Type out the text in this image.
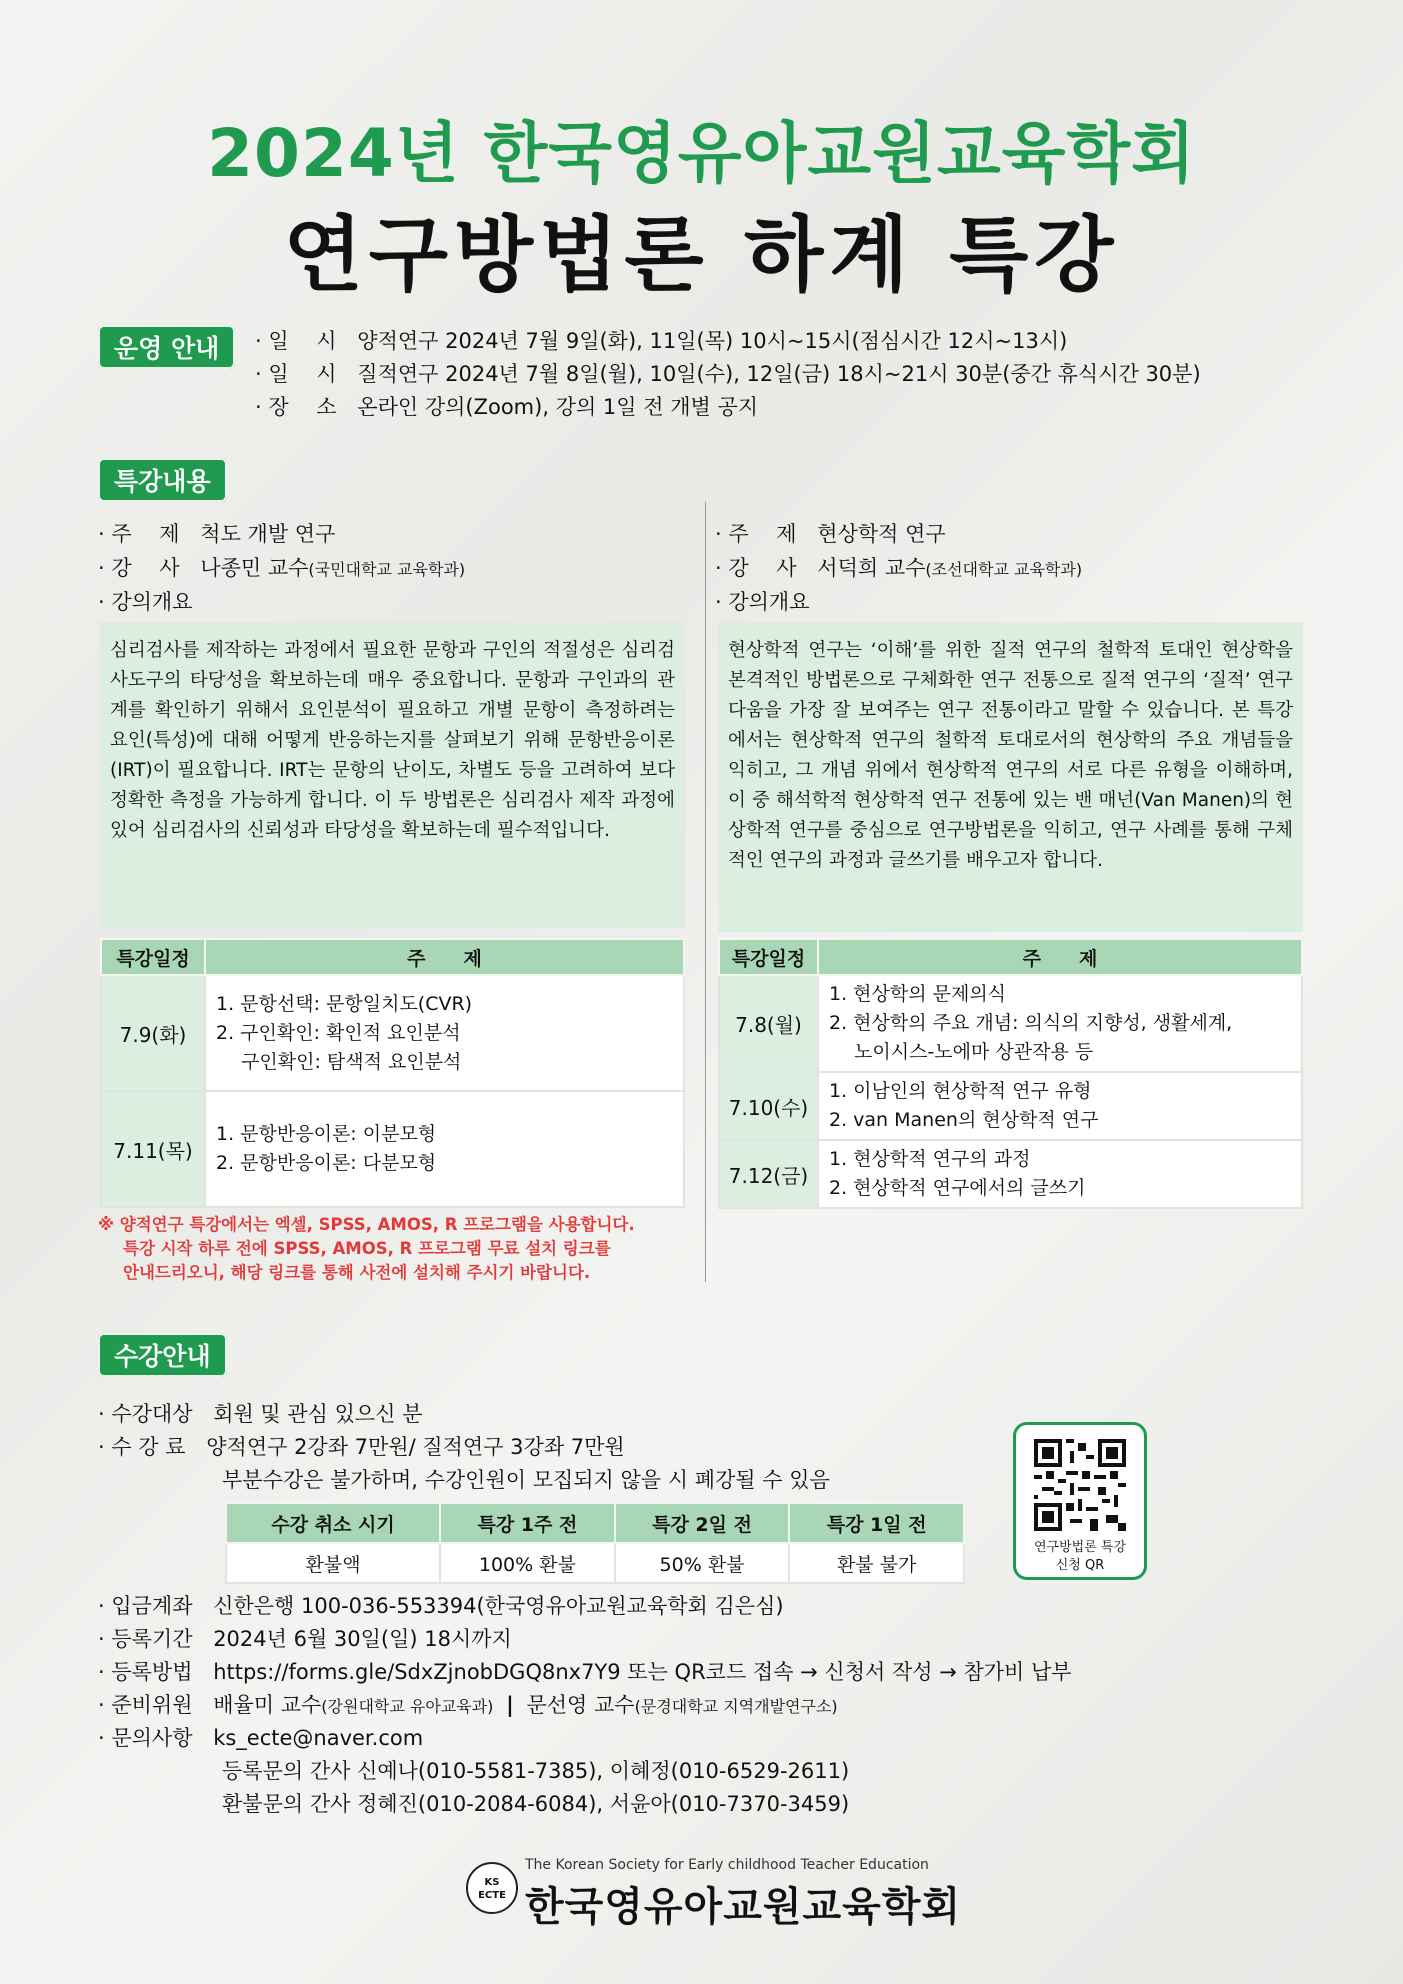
2024년 한국영유아교원교육학회
연구방법론 하계 특강
운영 안내	· 일　 시 양적연구 2024년 7월 9일(화), 11일(목) 10시~15시(점심시간 12시~13시)
· 일　 시 질적연구 2024년 7월 8일(월), 10일(수), 12일(금) 18시~21시 30분(중간 휴식시간 30분)
· 장　 소 온라인 강의(Zoom), 강의 1일 전 개별 공지
특강내용
· 주　 제 척도 개발 연구
· 강　 사 나종민 교수(국민대학교 교육학과)
· 강의개요
심리검사를 제작하는 과정에서 필요한 문항과 구인의 적절성은 심리검사도구의 타당성을 확보하는데 매우 중요합니다. 문항과 구인과의 관계를 확인하기 위해서 요인분석이 필요하고 개별 문항이 측정하려는 요인(특성)에 대해 어떻게 반응하는지를 살펴보기 위해 문항반응이론(IRT)이 필요합니다. IRT는 문항의 난이도, 차별도 등을 고려하여 보다 정확한 측정을 가능하게 합니다. 이 두 방법론은 심리검사 제작 과정에 있어 심리검사의 신뢰성과 타당성을 확보하는데 필수적입니다.
특강일정	주　　제
7.9(화)	1. 문항선택: 문항일치도(CVR)
2. 구인확인: 확인적 요인분석
　 구인확인: 탐색적 요인분석

7.11(목)	1. 문항반응이론: 이분모형
2. 문항반응이론: 다분모형
※ 양적연구 특강에서는 엑셀, SPSS, AMOS, R 프로그램을 사용합니다.
특강 시작 하루 전에 SPSS, AMOS, R 프로그램 무료 설치 링크를
안내드리오니, 해당 링크를 통해 사전에 설치해 주시기 바랍니다.
· 주　 제 현상학적 연구
· 강　 사 서덕희 교수(조선대학교 교육학과)
· 강의개요
현상학적 연구는 ‘이해’를 위한 질적 연구의 철학적 토대인 현상학을 본격적인 방법론으로 구체화한 연구 전통으로 질적 연구의 ‘질적’ 연구다움을 가장 잘 보여주는 연구 전통이라고 말할 수 있습니다. 본 특강에서는 현상학적 연구의 철학적 토대로서의 현상학의 주요 개념들을 익히고, 그 개념 위에서 현상학적 연구의 서로 다른 유형을 이해하며, 이 중 해석학적 현상학적 연구 전통에 있는 밴 매넌(Van Manen)의 현상학적 연구를 중심으로 연구방법론을 익히고, 연구 사례를 통해 구체적인 연구의 과정과 글쓰기를 배우고자 합니다.
특강일정	주　　제
7.8(월)	1. 현상학의 문제의식
2. 현상학의 주요 개념: 의식의 지향성, 생활세계,
　 노이시스-노에마 상관작용 등

7.10(수)	1. 이남인의 현상학적 연구 유형
2. van Manen의 현상학적 연구

7.12(금)	1. 현상학적 연구의 과정
2. 현상학적 연구에서의 글쓰기
수강안내
· 수강대상 회원 및 관심 있으신 분
· 수 강 료 양적연구 2강좌 7만원/ 질적연구 3강좌 7만원
부분수강은 불가하며, 수강인원이 모집되지 않을 시 폐강될 수 있음
수강 취소 시기	특강 1주 전	특강 2일 전	특강 1일 전
환불액	100% 환불	50% 환불	환불 불가
연구방법론 특강
신청 QR
· 입금계좌 신한은행 100-036-553394(한국영유아교원교육학회 김은심)
· 등록기간 2024년 6월 30일(일) 18시까지
· 등록방법 https://forms.gle/SdxZjnobDGQ8nx7Y9 또는 QR코드 접속 → 신청서 작성 → 참가비 납부
· 준비위원 배율미 교수(강원대학교 유아교육과) | 문선영 교수(문경대학교 지역개발연구소)
· 문의사항 ks_ecte@naver.com
등록문의 간사 신예나(010-5581-7385), 이혜정(010-6529-2611)
환불문의 간사 정혜진(010-2084-6084), 서윤아(010-7370-3459)
KS
ECTE
The Korean Society for Early childhood Teacher Education
한국영유아교원교육학회
